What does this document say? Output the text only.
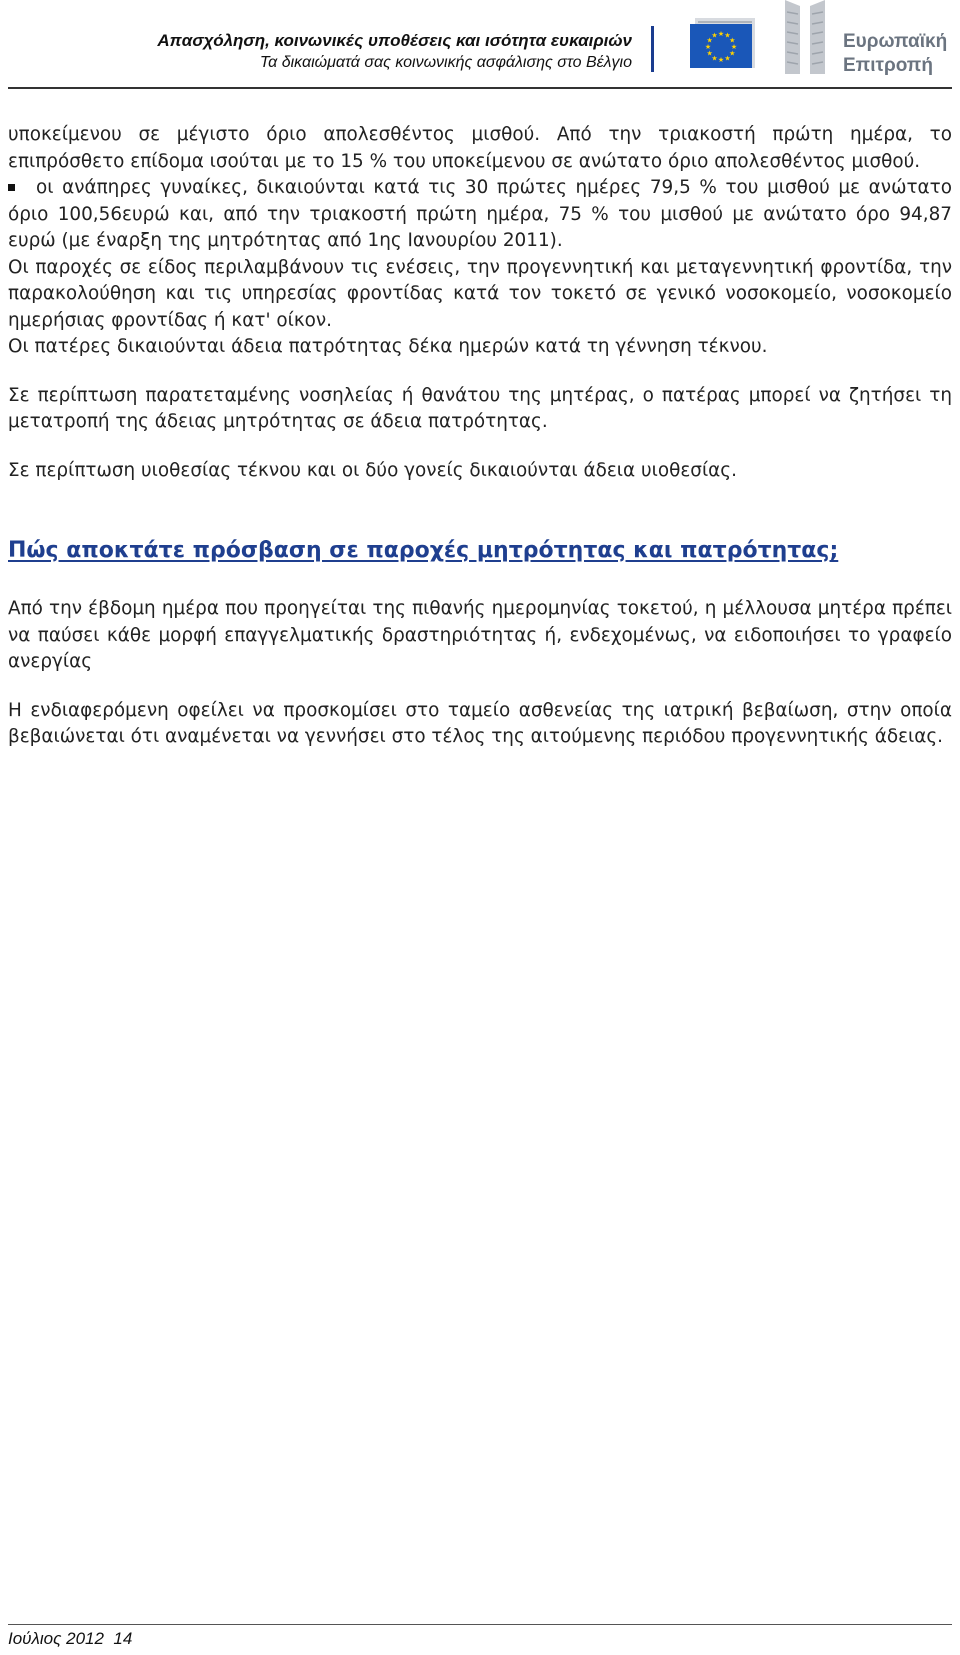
Απασχόληση, κοινωνικές υποθέσεις και ισότητα ευκαιριών
Τα δικαιώματά σας κοινωνικής ασφάλισης στο Βέλγιο
★ ★
★
★
★
★
★
★
★
★
★
★	Ευρωπαϊκή
Επιτροπή

υποκείμενου σε μέγιστο όριο απολεσθέντος μισθού. Από την τριακοστή πρώτη ημέρα, το επιπρόσθετο επίδομα ισούται με το 15 % του υποκείμενου σε ανώτατο όριο απολεσθέντος μισθού.

οι ανάπηρες γυναίκες, δικαιούνται κατά τις 30 πρώτες ημέρες 79,5 % του μισθού με ανώτατο όριο 100,56ευρώ και, από την τριακοστή πρώτη ημέρα, 75 % του μισθού με ανώτατο όρο 94,87 ευρώ (με έναρξη της μητρότητας από 1ης Ιανουρίου 2011).

Οι παροχές σε είδος περιλαμβάνουν τις ενέσεις, την προγεννητική και μεταγεννητική φροντίδα, την παρακολούθηση και τις υπηρεσίας φροντίδας κατά τον τοκετό σε γενικό νοσοκομείο, νοσοκομείο ημερήσιας φροντίδας ή κατ' οίκον.

Οι πατέρες δικαιούνται άδεια πατρότητας δέκα ημερών κατά τη γέννηση τέκνου.

Σε περίπτωση παρατεταμένης νοσηλείας ή θανάτου της μητέρας, ο πατέρας μπορεί να ζητήσει τη μετατροπή της άδειας μητρότητας σε άδεια πατρότητας.

Σε περίπτωση υιοθεσίας τέκνου και οι δύο γονείς δικαιούνται άδεια υιοθεσίας.

Πώς αποκτάτε πρόσβαση σε παροχές μητρότητας και πατρότητας;

Από την έβδομη ημέρα που προηγείται της πιθανής ημερομηνίας τοκετού, η μέλλουσα μητέρα πρέπει να παύσει κάθε μορφή επαγγελματικής δραστηριότητας ή, ενδεχομένως, να ειδοποιήσει το γραφείο ανεργίας

Η ενδιαφερόμενη οφείλει να προσκομίσει στο ταμείο ασθενείας της ιατρική βεβαίωση, στην οποία βεβαιώνεται ότι αναμένεται να γεννήσει στο τέλος της αιτούμενης περιόδου προγεννητικής άδειας.

Ιούλιος 2012 14
